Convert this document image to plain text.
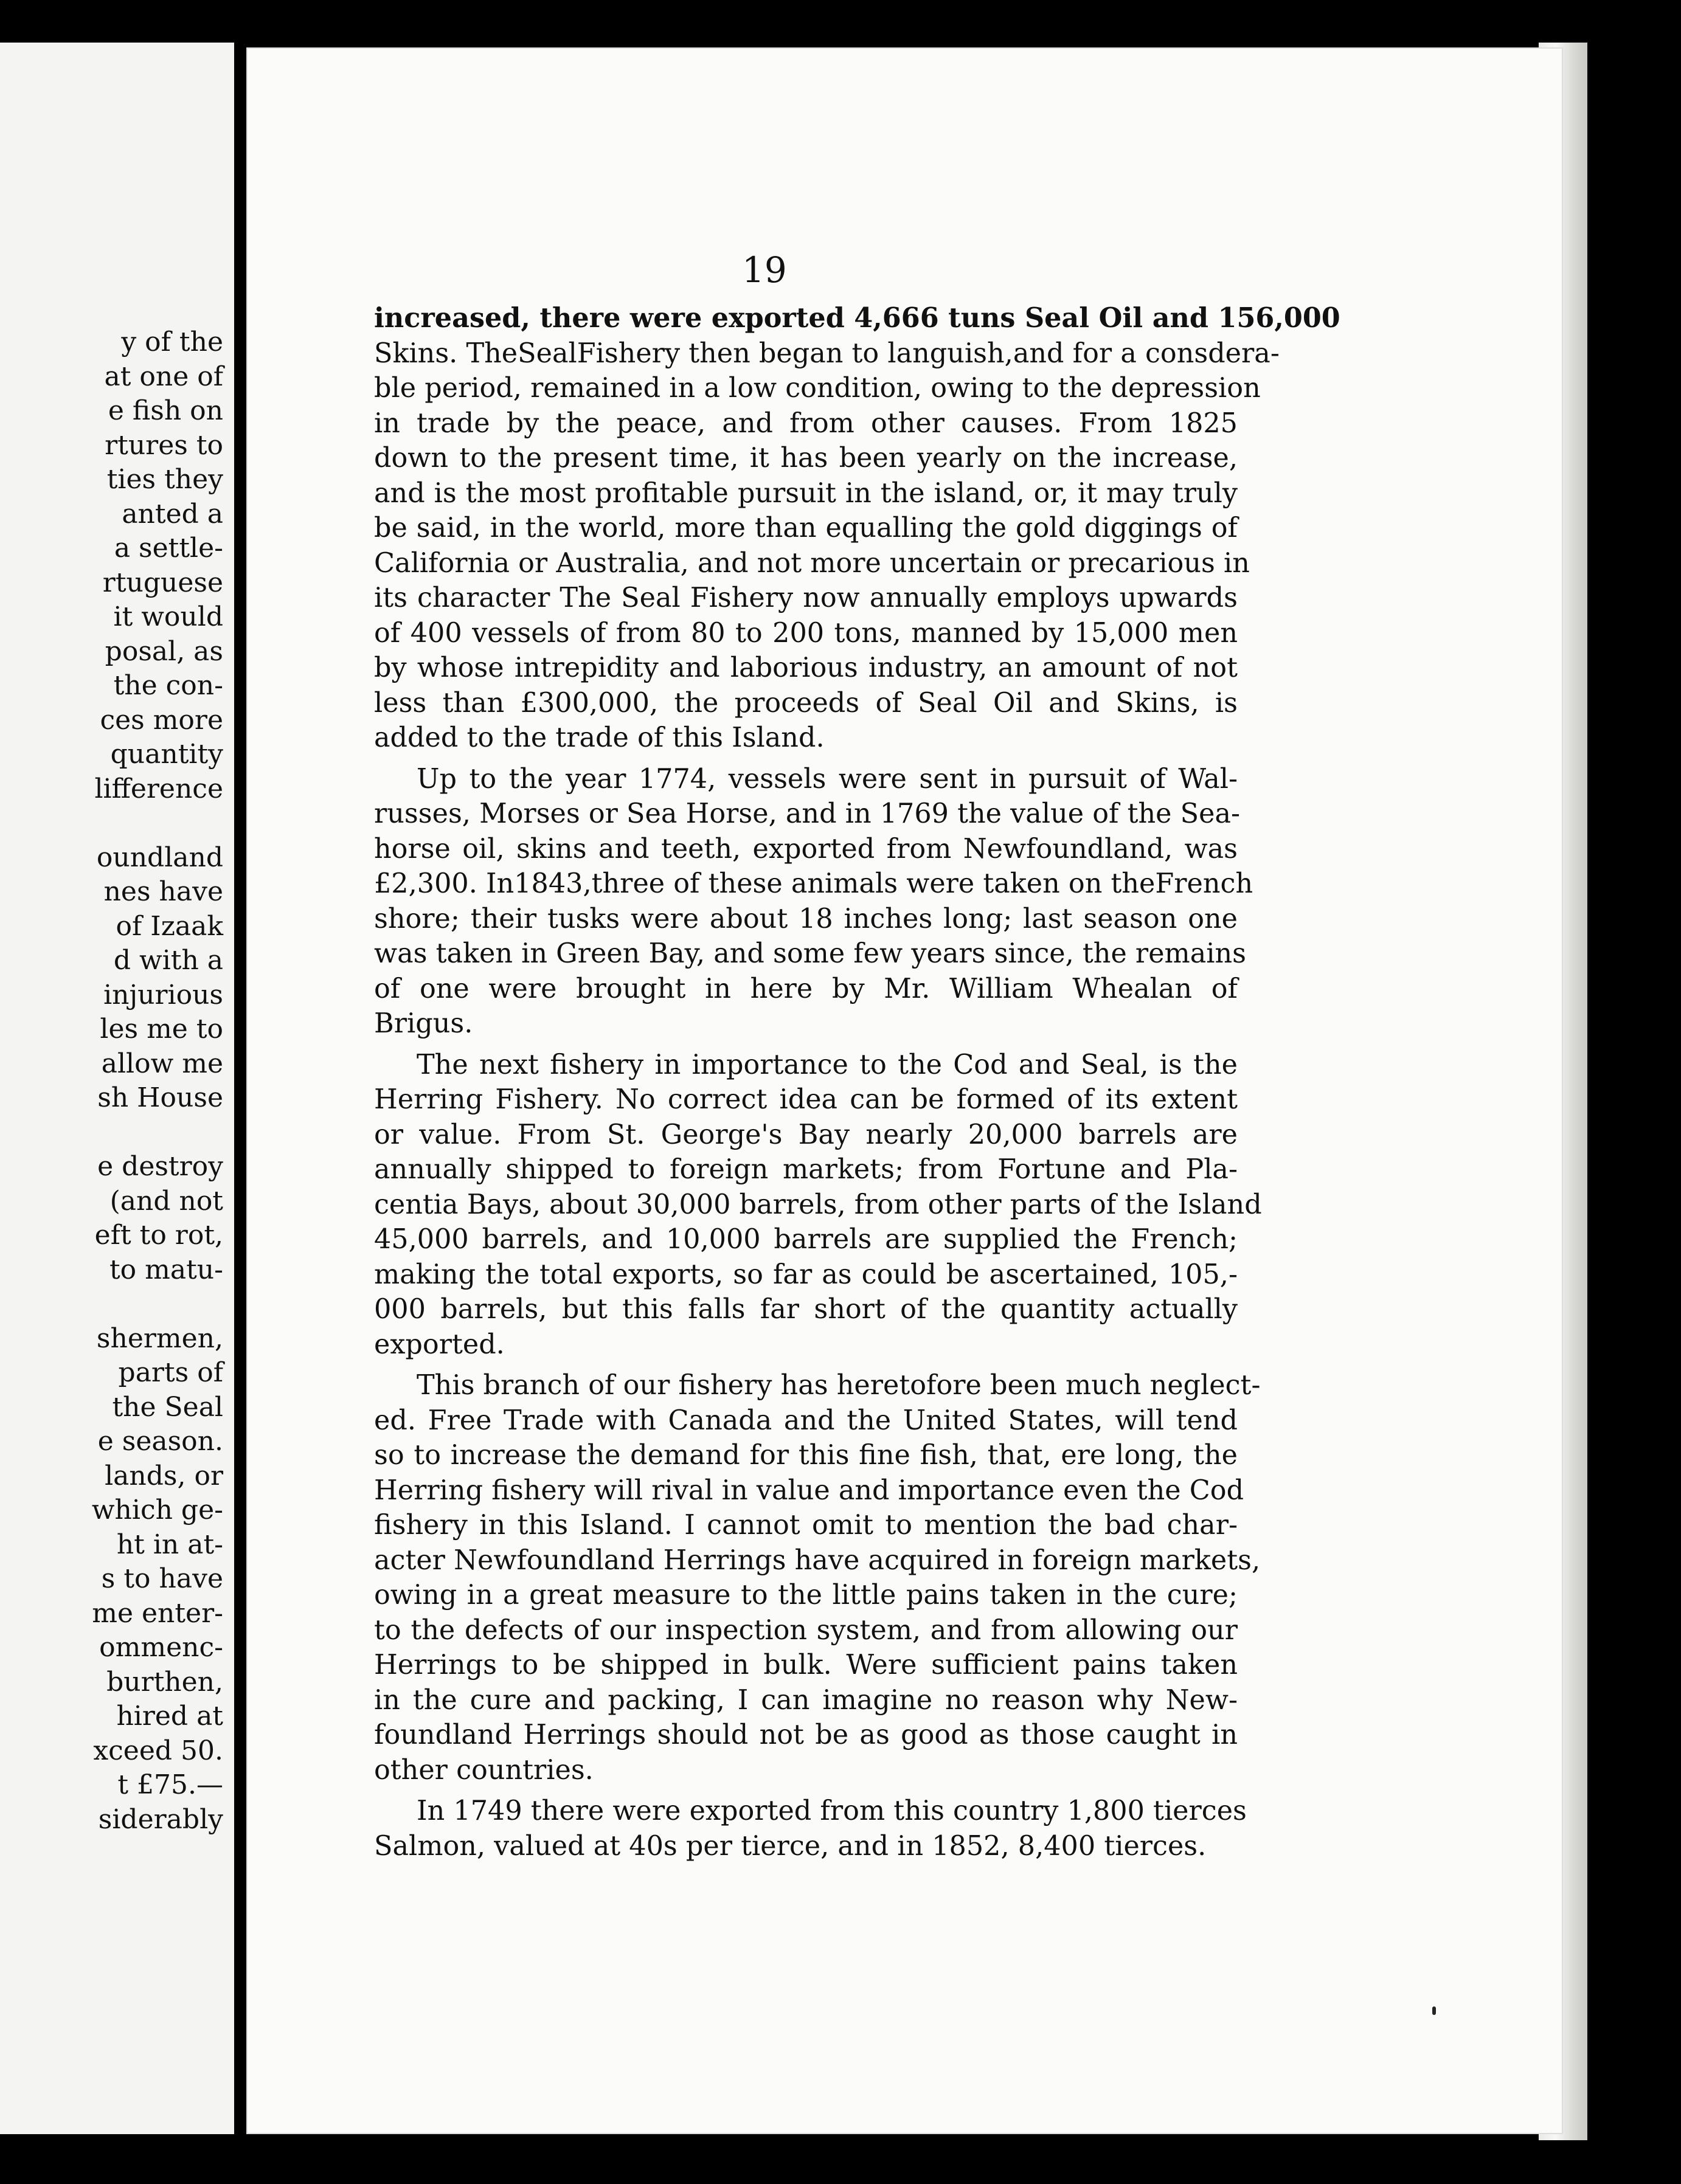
y of the
at one of
e fish on
rtures to
ties they
anted a
a settle-
rtuguese
it would
posal, as
the con-
ces more
quantity
lifference
oundland
nes have
of Izaak
d with a
injurious
les me to
allow me
sh House
e destroy
(and not
eft to rot,
to matu-
shermen,
parts of
the Seal
e season.
lands, or
which ge-
ht in at-
s to have
me enter-
ommenc-
burthen,
hired at
xceed 50.
t £75.—
siderably
19
increased, there were exported 4,666 tuns Seal Oil and 156,000
Skins. TheSealFishery then began to languish,and for a consdera-
ble period, remained in a low condition, owing to the depression
in trade by the peace, and from other causes. From 1825
down to the present time, it has been yearly on the increase,
and is the most profitable pursuit in the island, or, it may truly
be said, in the world, more than equalling the gold diggings of
California or Australia, and not more uncertain or precarious in
its character The Seal Fishery now annually employs upwards
of 400 vessels of from 80 to 200 tons, manned by 15,000 men
by whose intrepidity and laborious industry, an amount of not
less than £300,000, the proceeds of Seal Oil and Skins, is
added to the trade of this Island.
Up to the year 1774, vessels were sent in pursuit of Wal-
russes, Morses or Sea Horse, and in 1769 the value of the Sea-
horse oil, skins and teeth, exported from Newfoundland, was
£2,300. In1843,three of these animals were taken on theFrench
shore; their tusks were about 18 inches long; last season one
was taken in Green Bay, and some few years since, the remains
of one were brought in here by Mr. William Whealan of
Brigus.
The next fishery in importance to the Cod and Seal, is the
Herring Fishery. No correct idea can be formed of its extent
or value. From St. George's Bay nearly 20,000 barrels are
annually shipped to foreign markets; from Fortune and Pla-
centia Bays, about 30,000 barrels, from other parts of the Island
45,000 barrels, and 10,000 barrels are supplied the French;
making the total exports, so far as could be ascertained, 105,-
000 barrels, but this falls far short of the quantity actually
exported.
This branch of our fishery has heretofore been much neglect-
ed. Free Trade with Canada and the United States, will tend
so to increase the demand for this fine fish, that, ere long, the
Herring fishery will rival in value and importance even the Cod
fishery in this Island. I cannot omit to mention the bad char-
acter Newfoundland Herrings have acquired in foreign markets,
owing in a great measure to the little pains taken in the cure;
to the defects of our inspection system, and from allowing our
Herrings to be shipped in bulk. Were sufficient pains taken
in the cure and packing, I can imagine no reason why New-
foundland Herrings should not be as good as those caught in
other countries.
In 1749 there were exported from this country 1,800 tierces
Salmon, valued at 40s per tierce, and in 1852, 8,400 tierces.
